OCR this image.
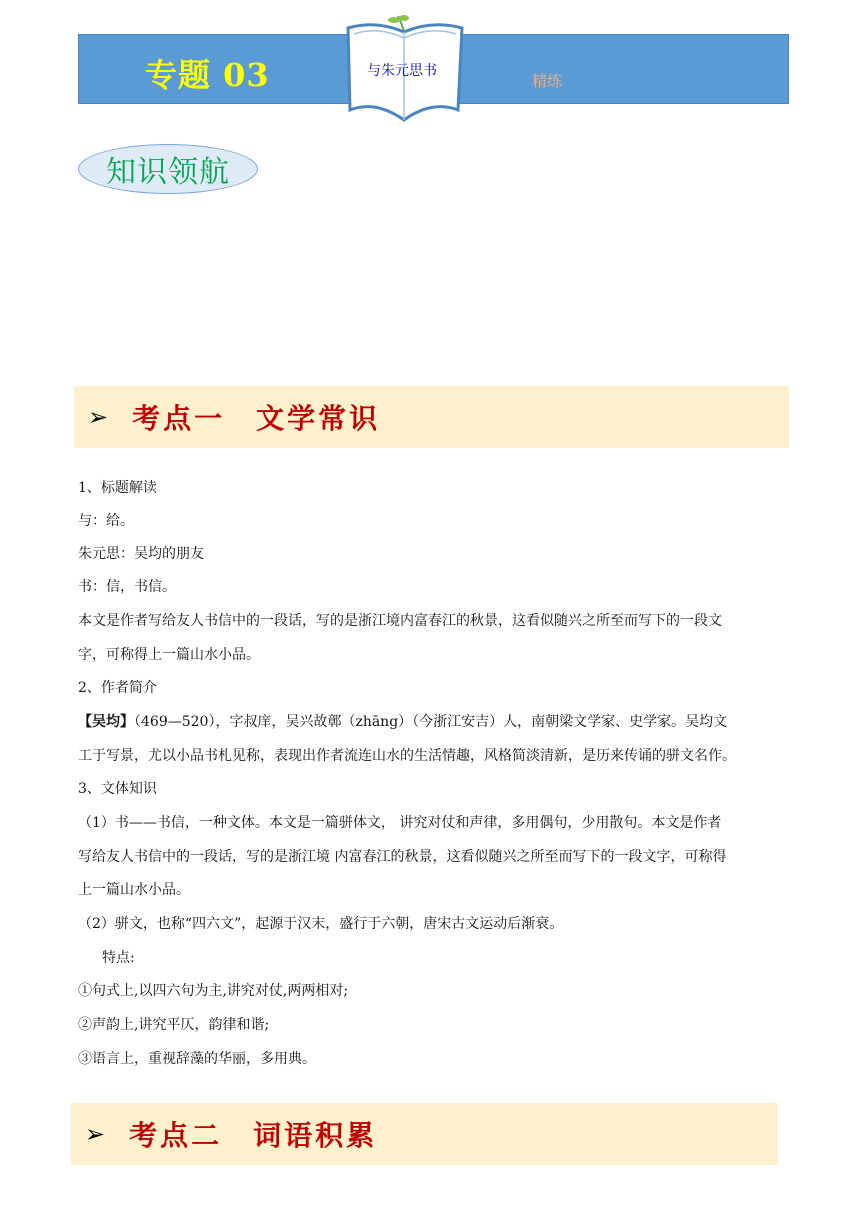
专题 03	精练
与朱元思书
知识领航
➢ 考点一　文学常识
1、标题解读
与：给。
朱元思：吴均的朋友
书：信，书信。
本文是作者写给友人书信中的一段话，写的是浙江境内富春江的秋景，这看似随兴之所至而写下的一段文
字，可称得上一篇山水小品。
2、作者简介
【吴均】（469—520），字叔庠，吴兴故鄣（zhāng）（今浙江安吉）人，南朝梁文学家、史学家。吴均文
工于写景，尤以小品书札见称，表现出作者流连山水的生活情趣，风格简淡清新，是历来传诵的骈文名作。
3、文体知识
（1）书——书信，一种文体。本文是一篇骈体文， 讲究对仗和声律，多用偶句，少用散句。本文是作者
写给友人书信中的一段话，写的是浙江境 内富春江的秋景，这看似随兴之所至而写下的一段文字，可称得
上一篇山水小品。
（2）骈文，也称“四六文”，起源于汉末，盛行于六朝，唐宋古文运动后渐衰。
特点:
①句式上,以四六句为主,讲究对仗,两两相对;
②声韵上,讲究平仄，韵律和谐;
③语言上，重视辞藻的华丽，多用典。
➢ 考点二　词语积累
